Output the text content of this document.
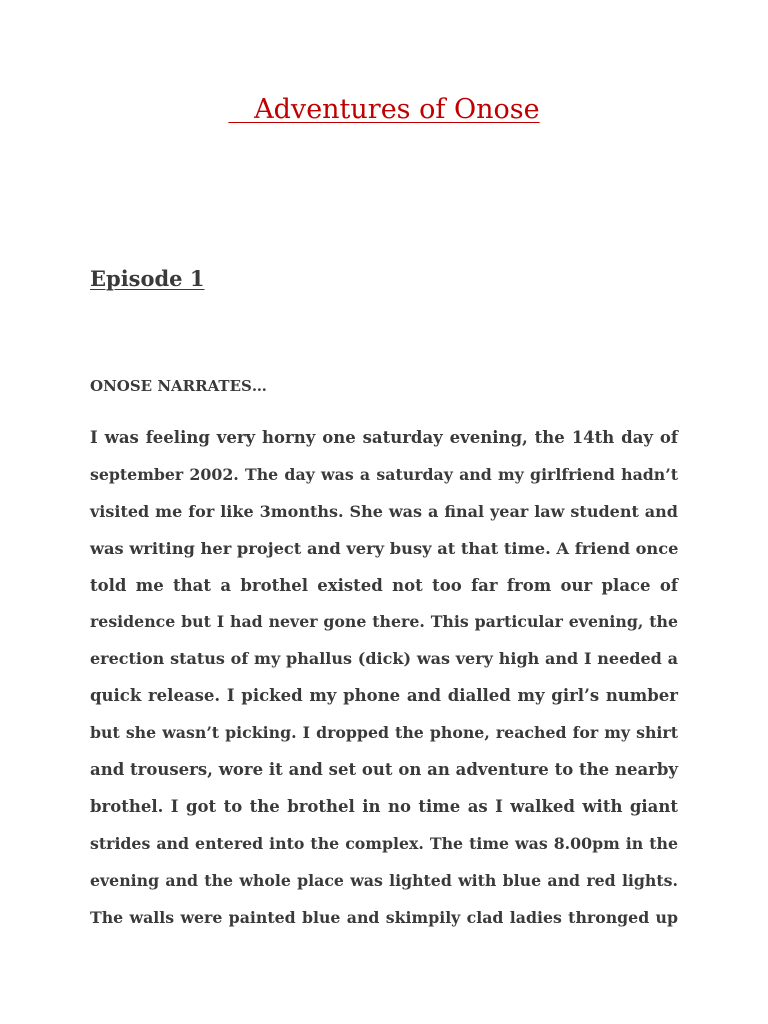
Adventures of Onose
Episode 1

ONOSE NARRATES…

I was feeling very horny one saturday evening, the 14th day of
september 2002. The day was a saturday and my girlfriend hadn’t
visited me for like 3months. She was a final year law student and
was writing her project and very busy at that time. A friend once
told me that a brothel existed not too far from our place of
residence but I had never gone there. This particular evening, the
erection status of my phallus (dick) was very high and I needed a
quick release. I picked my phone and dialled my girl’s number
but she wasn’t picking. I dropped the phone, reached for my shirt
and trousers, wore it and set out on an adventure to the nearby
brothel. I got to the brothel in no time as I walked with giant
strides and entered into the complex. The time was 8.00pm in the
evening and the whole place was lighted with blue and red lights.
The walls were painted blue and skimpily clad ladies thronged up
